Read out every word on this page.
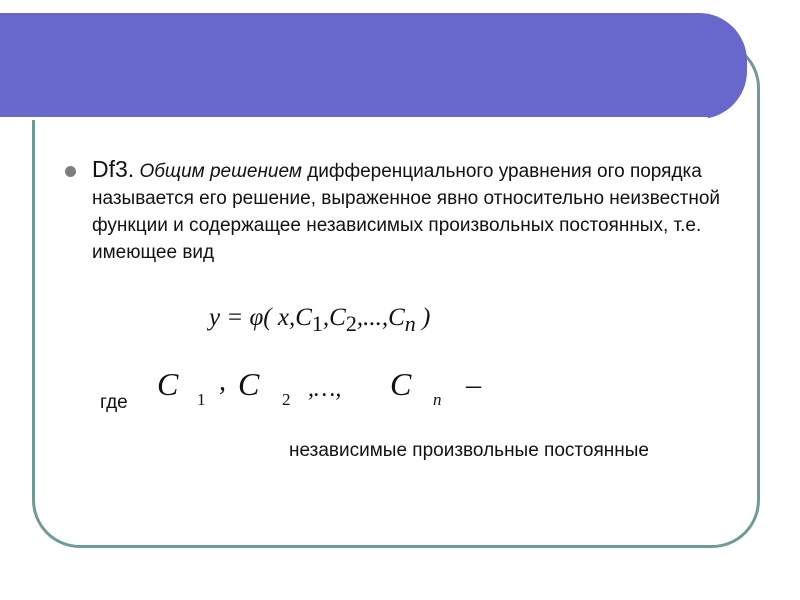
Df3. Общим решением дифференциального уравнения ого порядка называется его решение, выраженное явно относительно неизвестной функции и содержащее независимых произвольных постоянных, т.е. имеющее вид
y = φ( $x,C_1,C_2,...,C_n$ )
где
C 1
, C 2 ,…, C n –
независимые произвольные постоянные
